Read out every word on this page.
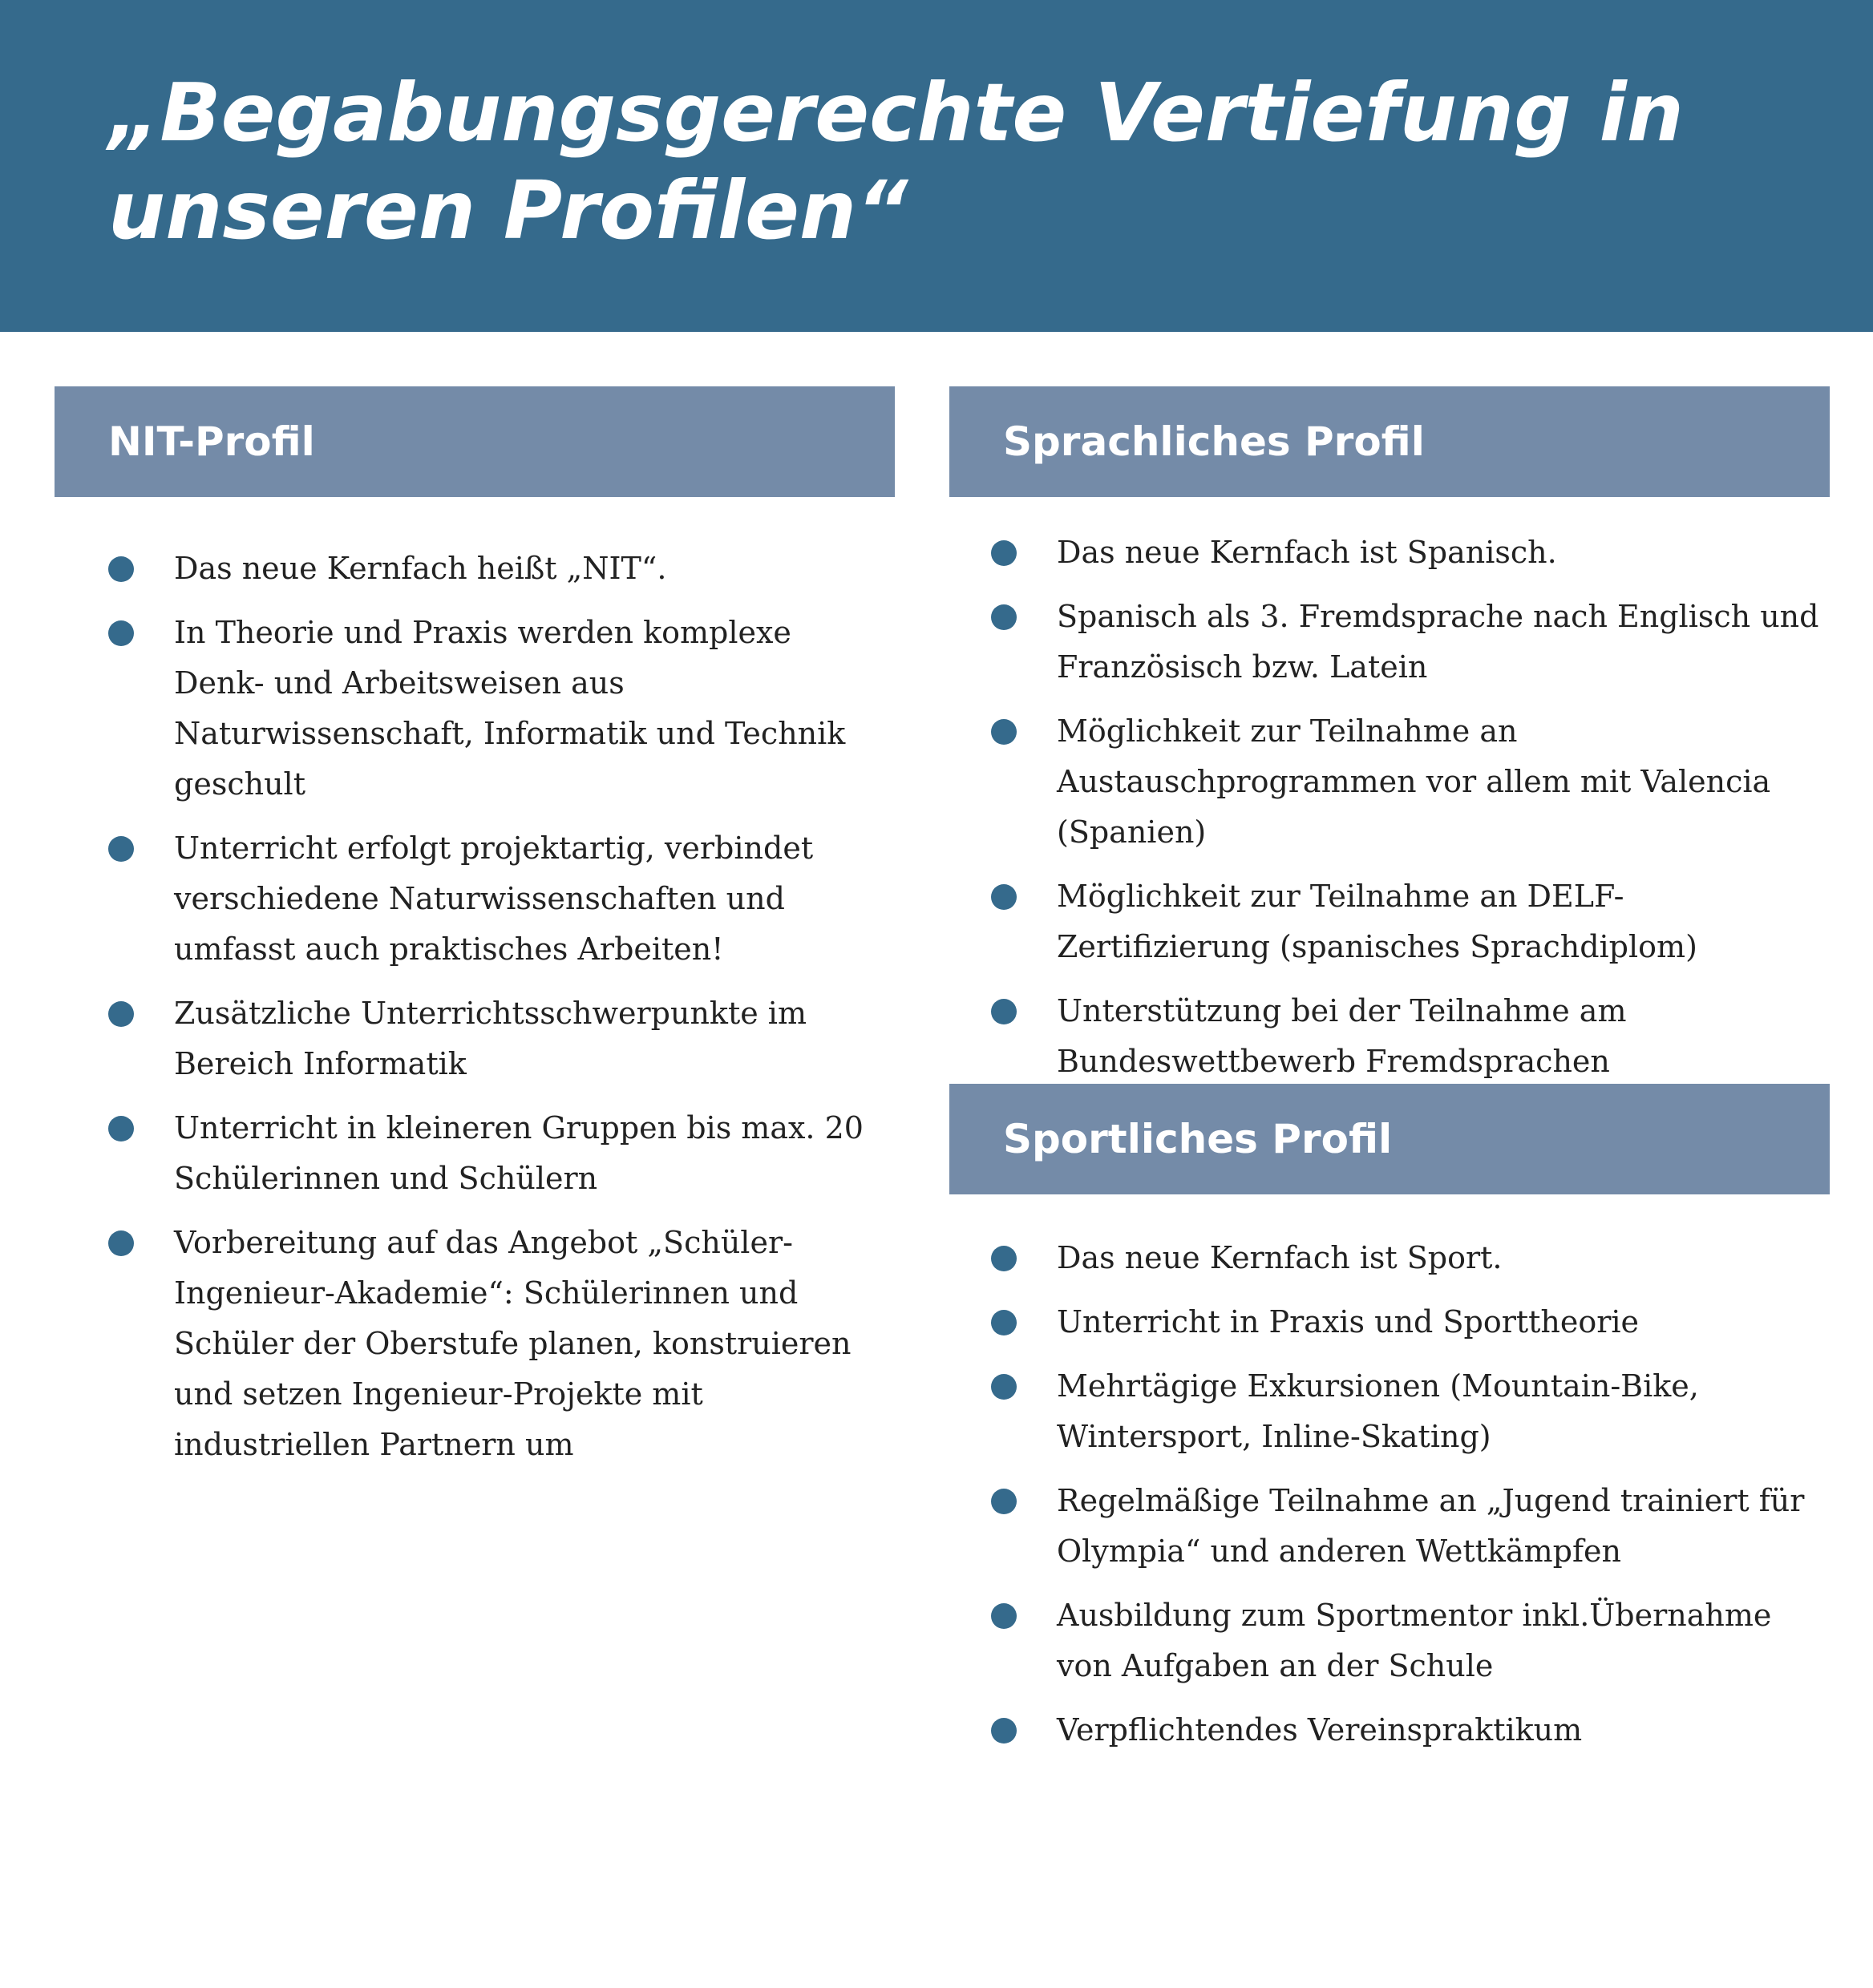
„Begabungsgerechte Vertiefung in
unseren Profilen“
NIT-Profil
Das neue Kernfach heißt „NIT“.
In Theorie und Praxis werden komplexe Denk- und Arbeitsweisen aus Naturwissenschaft, Informatik und Technik geschult
Unterricht erfolgt projektartig, verbindet verschiedene Naturwissenschaften und umfasst auch praktisches Arbeiten!
Zusätzliche Unterrichtsschwerpunkte im Bereich Informatik
Unterricht in kleineren Gruppen bis max. 20 Schülerinnen und Schülern
Vorbereitung auf das Angebot „Schüler-Ingenieur-Akademie“: Schülerinnen und Schüler der Oberstufe planen, konstruieren und setzen Ingenieur-Projekte mit industriellen Partnern um
Sprachliches Profil
Das neue Kernfach ist Spanisch.
Spanisch als 3. Fremdsprache nach Englisch und Französisch bzw. Latein
Möglichkeit zur Teilnahme an Austauschprogrammen vor allem mit Valencia (Spanien)
Möglichkeit zur Teilnahme an DELF-Zertifizierung (spanisches Sprachdiplom)
Unterstützung bei der Teilnahme am Bundeswettbewerb Fremdsprachen
Sportliches Profil
Das neue Kernfach ist Sport.
Unterricht in Praxis und Sporttheorie
Mehrtägige Exkursionen (Mountain-Bike, Wintersport, Inline-Skating)
Regelmäßige Teilnahme an „Jugend trainiert für Olympia“ und anderen Wettkämpfen
Ausbildung zum Sportmentor inkl.Übernahme von Aufgaben an der Schule
Verpflichtendes Vereinspraktikum
